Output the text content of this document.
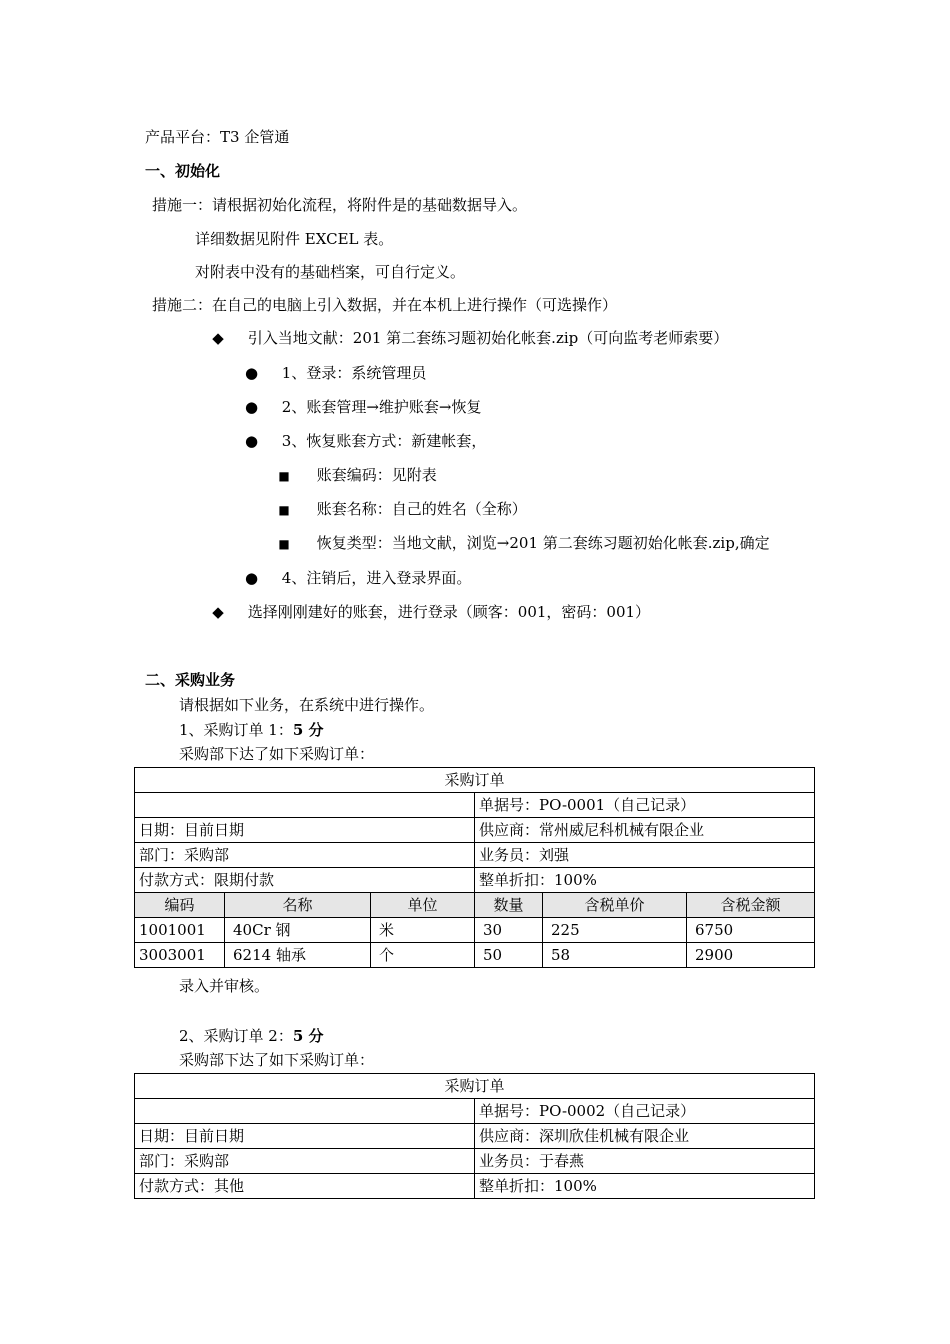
产品平台：T3 企管通
一、初始化
措施一：请根据初始化流程，将附件是的基础数据导入。
详细数据见附件 EXCEL 表。
对附表中没有的基础档案，可自行定义。
措施二：在自己的电脑上引入数据，并在本机上进行操作（可选操作）
◆ 引入当地文献：201 第二套练习题初始化帐套.zip（可向监考老师索要）
● 1、登录：系统管理员
● 2、账套管理→维护账套→恢复
● 3、恢复账套方式：新建帐套，
■ 账套编码：见附表
■ 账套名称：自己的姓名（全称）
■ 恢复类型：当地文献，浏览→201 第二套练习题初始化帐套.zip,确定
● 4、注销后，进入登录界面。
◆ 选择刚刚建好的账套，进行登录（顾客：001，密码：001）
二、采购业务
请根据如下业务，在系统中进行操作。
1、采购订单 1：5 分
采购部下达了如下采购订单：
采购订单					
			单据号：PO-0001（自己记录）		
日期：目前日期			供应商：常州威尼科机械有限企业		
部门：采购部			业务员：刘强		
付款方式：限期付款			整单折扣：100%		
编码	名称	单位	数量	含税单价	含税金额
1001001	40Cr 钢	米	30	225	6750
3003001	6214 轴承	个	50	58	2900
录入并审核。
2、采购订单 2：5 分
采购部下达了如下采购订单：
采购订单	
	单据号：PO-0002（自己记录）
日期：目前日期	供应商：深圳欣佳机械有限企业
部门：采购部	业务员：于春燕
付款方式：其他	整单折扣：100%
